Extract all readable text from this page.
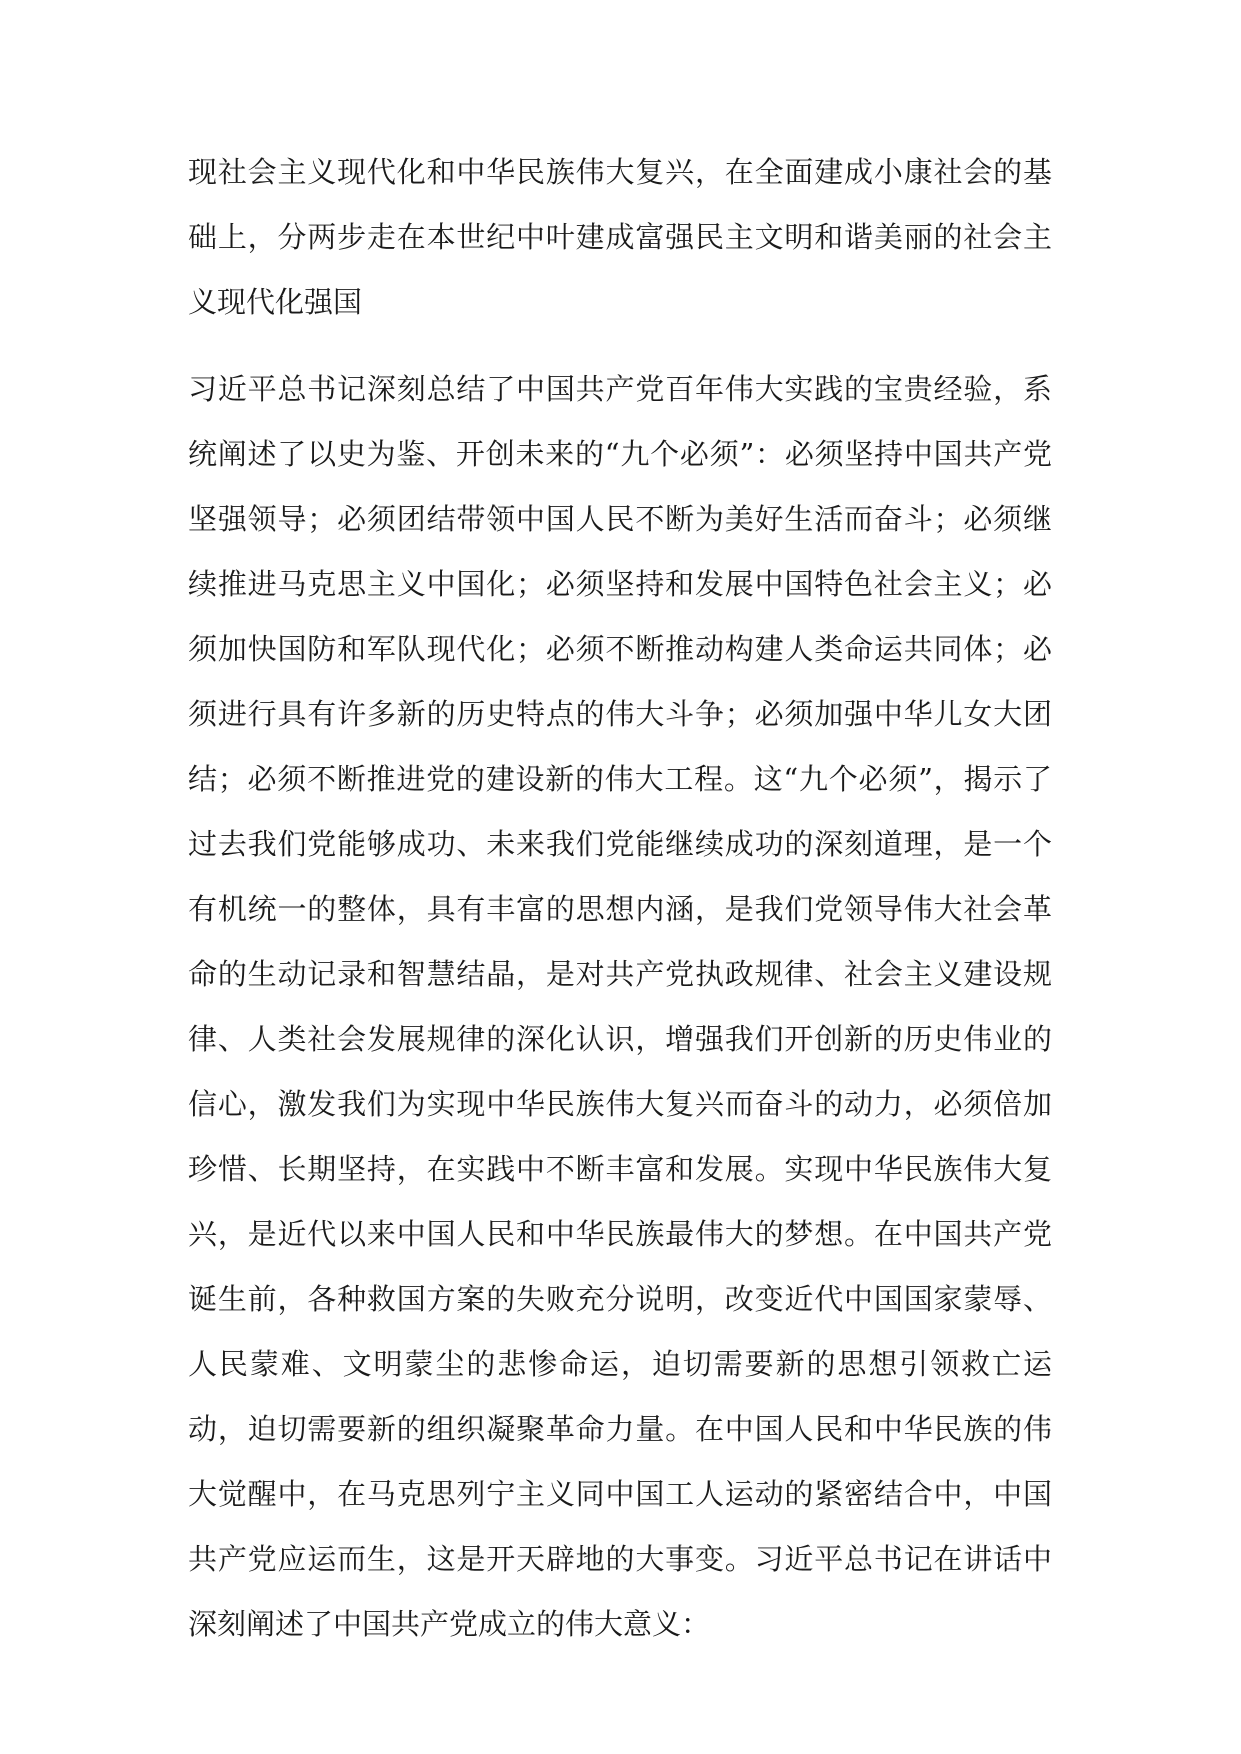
现社会主义现代化和中华民族伟大复兴，在全面建成小康社会的基础上，分两步走在本世纪中叶建成富强民主文明和谐美丽的社会主义现代化强国

习近平总书记深刻总结了中国共产党百年伟大实践的宝贵经验，系统阐述了以史为鉴、开创未来的“九个必须”：必须坚持中国共产党坚强领导；必须团结带领中国人民不断为美好生活而奋斗；必须继续推进马克思主义中国化；必须坚持和发展中国特色社会主义；必须加快国防和军队现代化；必须不断推动构建人类命运共同体；必须进行具有许多新的历史特点的伟大斗争；必须加强中华儿女大团结；必须不断推进党的建设新的伟大工程。这“九个必须”，揭示了过去我们党能够成功、未来我们党能继续成功的深刻道理，是一个有机统一的整体，具有丰富的思想内涵，是我们党领导伟大社会革命的生动记录和智慧结晶，是对共产党执政规律、社会主义建设规律、人类社会发展规律的深化认识，增强我们开创新的历史伟业的信心，激发我们为实现中华民族伟大复兴而奋斗的动力，必须倍加珍惜、长期坚持，在实践中不断丰富和发展。实现中华民族伟大复兴，是近代以来中国人民和中华民族最伟大的梦想。在中国共产党诞生前，各种救国方案的失败充分说明，改变近代中国国家蒙辱、人民蒙难、文明蒙尘的悲惨命运，迫切需要新的思想引领救亡运动，迫切需要新的组织凝聚革命力量。在中国人民和中华民族的伟大觉醒中，在马克思列宁主义同中国工人运动的紧密结合中，中国共产党应运而生，这是开天辟地的大事变。习近平总书记在讲话中深刻阐述了中国共产党成立的伟大意义：
